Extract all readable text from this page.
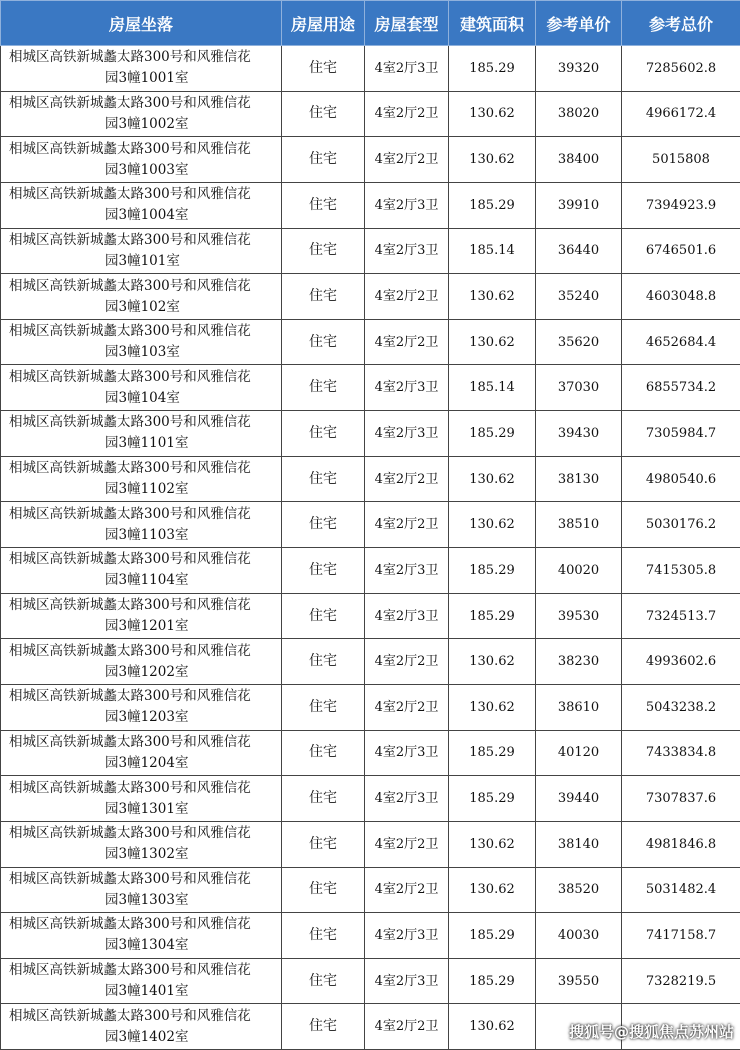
房屋坐落	房屋用途	房屋套型	建筑面积	参考单价	参考总价
相城区高铁新城蠡太路300号和风雅信花
园3幢1001室	住宅	4室2厅3卫	185.29	39320	7285602.8
相城区高铁新城蠡太路300号和风雅信花
园3幢1002室	住宅	4室2厅2卫	130.62	38020	4966172.4
相城区高铁新城蠡太路300号和风雅信花
园3幢1003室	住宅	4室2厅2卫	130.62	38400	5015808
相城区高铁新城蠡太路300号和风雅信花
园3幢1004室	住宅	4室2厅3卫	185.29	39910	7394923.9
相城区高铁新城蠡太路300号和风雅信花
园3幢101室	住宅	4室2厅3卫	185.14	36440	6746501.6
相城区高铁新城蠡太路300号和风雅信花
园3幢102室	住宅	4室2厅2卫	130.62	35240	4603048.8
相城区高铁新城蠡太路300号和风雅信花
园3幢103室	住宅	4室2厅2卫	130.62	35620	4652684.4
相城区高铁新城蠡太路300号和风雅信花
园3幢104室	住宅	4室2厅3卫	185.14	37030	6855734.2
相城区高铁新城蠡太路300号和风雅信花
园3幢1101室	住宅	4室2厅3卫	185.29	39430	7305984.7
相城区高铁新城蠡太路300号和风雅信花
园3幢1102室	住宅	4室2厅2卫	130.62	38130	4980540.6
相城区高铁新城蠡太路300号和风雅信花
园3幢1103室	住宅	4室2厅2卫	130.62	38510	5030176.2
相城区高铁新城蠡太路300号和风雅信花
园3幢1104室	住宅	4室2厅3卫	185.29	40020	7415305.8
相城区高铁新城蠡太路300号和风雅信花
园3幢1201室	住宅	4室2厅3卫	185.29	39530	7324513.7
相城区高铁新城蠡太路300号和风雅信花
园3幢1202室	住宅	4室2厅2卫	130.62	38230	4993602.6
相城区高铁新城蠡太路300号和风雅信花
园3幢1203室	住宅	4室2厅2卫	130.62	38610	5043238.2
相城区高铁新城蠡太路300号和风雅信花
园3幢1204室	住宅	4室2厅3卫	185.29	40120	7433834.8
相城区高铁新城蠡太路300号和风雅信花
园3幢1301室	住宅	4室2厅3卫	185.29	39440	7307837.6
相城区高铁新城蠡太路300号和风雅信花
园3幢1302室	住宅	4室2厅2卫	130.62	38140	4981846.8
相城区高铁新城蠡太路300号和风雅信花
园3幢1303室	住宅	4室2厅2卫	130.62	38520	5031482.4
相城区高铁新城蠡太路300号和风雅信花
园3幢1304室	住宅	4室2厅3卫	185.29	40030	7417158.7
相城区高铁新城蠡太路300号和风雅信花
园3幢1401室	住宅	4室2厅3卫	185.29	39550	7328219.5
相城区高铁新城蠡太路300号和风雅信花
园3幢1402室	住宅	4室2厅2卫	130.62			搜狐号@搜狐焦点苏州站
